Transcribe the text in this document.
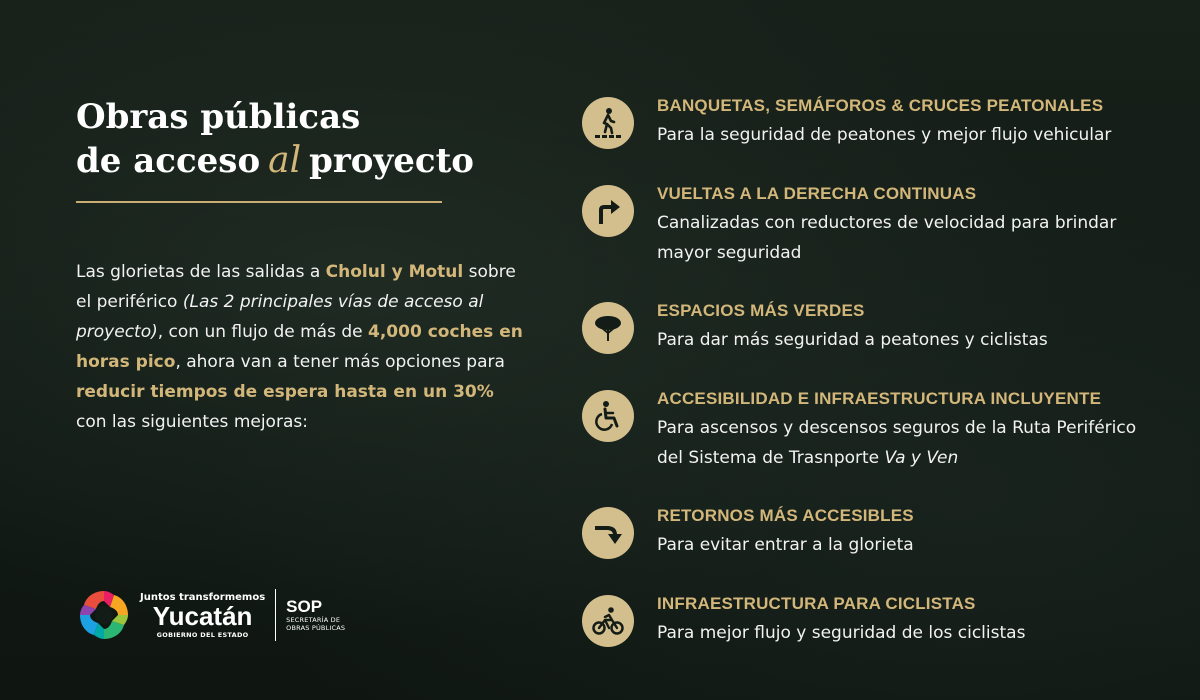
Obras públicas
de acceso al proyecto

Las glorietas de las salidas a Cholul y Motul sobre el periférico (Las 2 principales vías de acceso al proyecto), con un flujo de más de 4,000 coches en horas pico, ahora van a tener más opciones para reducir tiempos de espera hasta en un 30% con las siguientes mejoras:

Juntos transformemos
Yucatán
GOBIERNO DEL ESTADO
SOP
SECRETARÍA DE
OBRAS PÚBLICAS
BANQUETAS, SEMÁFOROS & CRUCES PEATONALES
Para la seguridad de peatones y mejor flujo vehicular
VUELTAS A LA DERECHA CONTINUAS
Canalizadas con reductores de velocidad para brindar mayor seguridad
ESPACIOS MÁS VERDES
Para dar más seguridad a peatones y ciclistas
ACCESIBILIDAD E INFRAESTRUCTURA INCLUYENTE
Para ascensos y descensos seguros de la Ruta Periférico del Sistema de Trasnporte Va y Ven
RETORNOS MÁS ACCESIBLES
Para evitar entrar a la glorieta
INFRAESTRUCTURA PARA CICLISTAS
Para mejor flujo y seguridad de los ciclistas
